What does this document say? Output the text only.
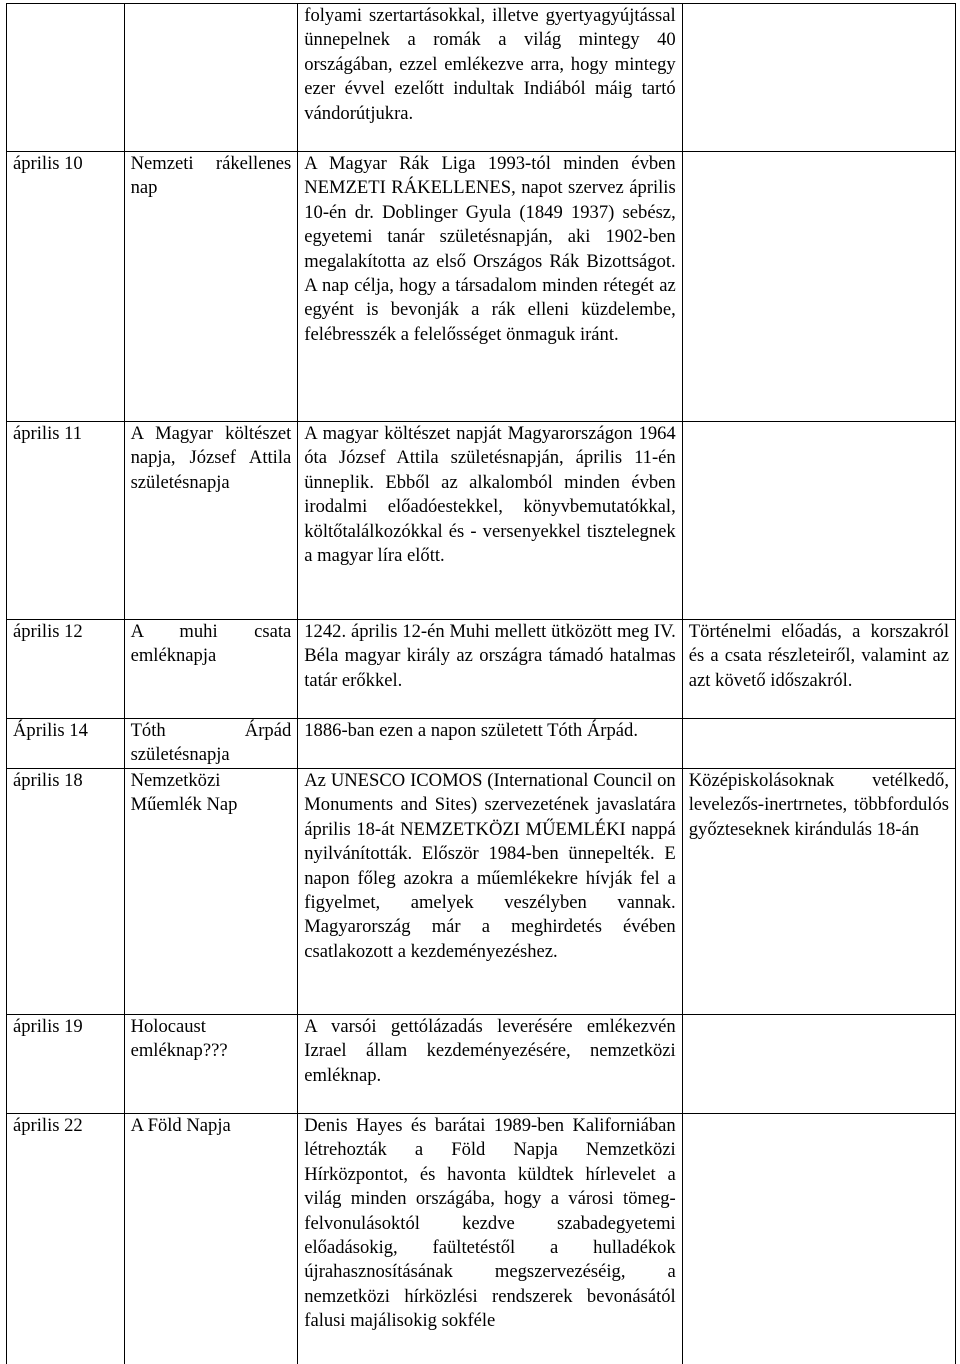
		folyami szertartásokkal, illetve gyertyagyújtással ünnepelnek a romák a világ mintegy 40 országában, ezzel emlékezve arra, hogy mintegy ezer évvel ezelőtt indultak Indiából máig tartó vándorútjukra.	

április 10	Nemzeti rákellenes nap	A Magyar Rák Liga 1993-tól minden évben NEMZETI RÁKELLENES, napot szervez április 10-én dr. Doblinger Gyula (1849 1937) sebész, egyetemi tanár születésnapján, aki 1902-ben megalakította az első Országos Rák Bizottságot. A nap célja, hogy a társadalom minden rétegét az egyént is bevonják a rák elleni küzdelembe, felébresszék a felelősséget önmaguk iránt.	

április 11	A Magyar költészet napja, József Attila születésnapja	A magyar költészet napját Magyarországon 1964 óta József Attila születésnapján, április 11-én ünneplik. Ebből az alkalomból minden évben irodalmi előadóestekkel, könyvbemutatókkal, költőtalálkozókkal és - versenyekkel tisztelegnek a magyar líra előtt.	

április 12	A muhi csata emléknapja	1242. április 12-én Muhi mellett ütközött meg IV. Béla magyar király az országra támadó hatalmas tatár erőkkel.	Történelmi előadás, a korszakról és a csata részleteiről, valamint az azt követő időszakról.

Április 14	Tóth Árpád születésnapja	1886-ban ezen a napon született Tóth Árpád.	

április 18	Nemzetközi Műemlék Nap	Az UNESCO ICOMOS (International Council on Monuments and Sites) szervezetének javaslatára április 18-át NEMZETKÖZI MŰEMLÉKI nappá nyilvánították. Először 1984-ben ünnepelték. E napon főleg azokra a műemlékekre hívják fel a figyelmet, amelyek veszélyben vannak. Magyarország már a meghirdetés évében csatlakozott a kezdeményezéshez.	Középiskolásoknak vetélkedő, levelezős-inertrnetes, többfordulós győzteseknek kirándulás 18-án

április 19	Holocaust emléknap???	A varsói gettólázadás leverésére emlékezvén Izrael állam kezdeményezésére, nemzetközi emléknap.	

április 22	A Föld Napja	Denis Hayes és barátai 1989-ben Kaliforniában létrehozták a Föld Napja Nemzetközi Hírközpontot, és havonta küldtek hírlevelet a világ minden országába, hogy a városi tömeg-felvonulásoktól kezdve szabadegyetemi előadásokig, faültetéstől a hulladékok újrahasznosításának megszervezéséig, a nemzetközi hírközlési rendszerek bevonásától falusi majálisokig sokféle	
